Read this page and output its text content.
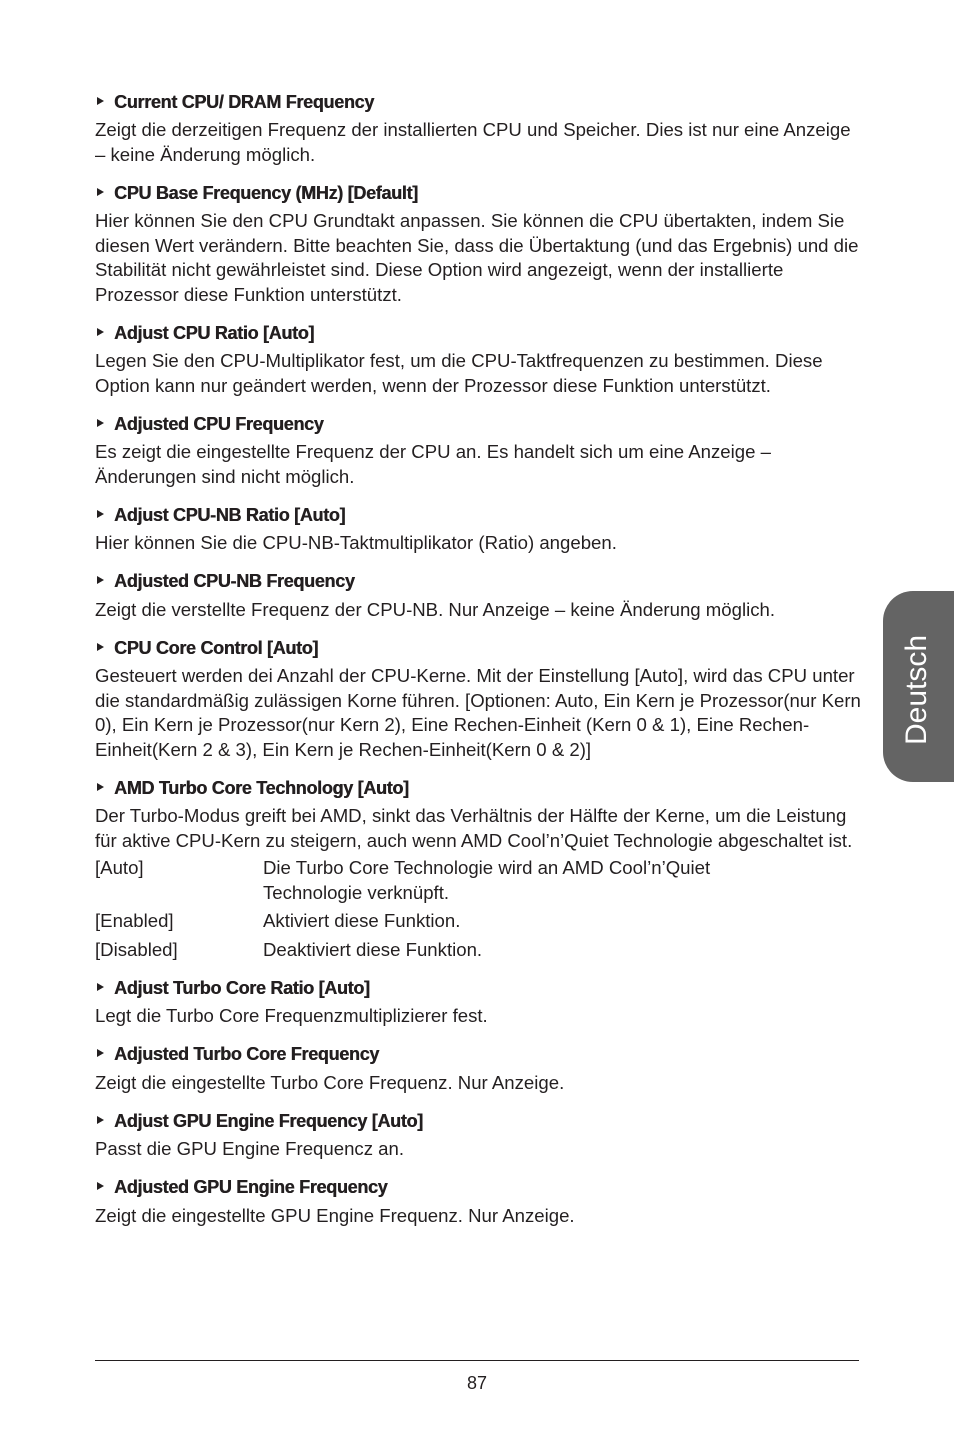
Current CPU/ DRAM Frequency

Zeigt die derzeitigen Frequenz der installierten CPU und Speicher. Dies ist nur eine Anzeige – keine Änderung möglich.

CPU Base Frequency (MHz) [Default]

Hier können Sie den CPU Grundtakt anpassen. Sie können die CPU übertakten, indem Sie diesen Wert verändern. Bitte beachten Sie, dass die Übertaktung (und das Ergebnis) und die Stabilität nicht gewährleistet sind. Diese Option wird angezeigt, wenn der installierte Prozessor diese Funktion unterstützt.

Adjust CPU Ratio [Auto]

Legen Sie den CPU-Multiplikator fest, um die CPU-Taktfrequenzen zu bestimmen. Diese Option kann nur geändert werden, wenn der Prozessor diese Funktion unterstützt.

Adjusted CPU Frequency

Es zeigt die eingestellte Frequenz der CPU an. Es handelt sich um eine Anzeige – Änderungen sind nicht möglich.

Adjust CPU-NB Ratio [Auto]

Hier können Sie die CPU-NB-Taktmultiplikator (Ratio) angeben.

Adjusted CPU-NB Frequency

Zeigt die verstellte Frequenz der CPU-NB. Nur Anzeige – keine Änderung möglich.

CPU Core Control [Auto]

Gesteuert werden dei Anzahl der CPU-Kerne. Mit der Einstellung [Auto], wird das CPU unter die standardmäßig zulässigen Korne führen. [Optionen: Auto, Ein Kern je Prozessor(nur Kern 0), Ein Kern je Prozessor(nur Kern 2), Eine Rechen-Einheit (Kern 0 & 1), Eine Rechen-Einheit(Kern 2 & 3), Ein Kern je Rechen-Einheit(Kern 0 & 2)]

AMD Turbo Core Technology [Auto]

Der Turbo-Modus greift bei AMD, sinkt das Verhältnis der Hälfte der Kerne, um die Leistung für aktive CPU-Kern zu steigern, auch wenn AMD Cool’n’Quiet Technologie abgeschaltet ist.

[Auto]	Die Turbo Core Technologie wird an AMD Cool’n’Quiet Technologie verknüpft.
[Enabled]	Aktiviert diese Funktion.
[Disabled]	Deaktiviert diese Funktion.
Adjust Turbo Core Ratio [Auto]

Legt die Turbo Core Frequenzmultiplizierer fest.

Adjusted Turbo Core Frequency

Zeigt die eingestellte Turbo Core Frequenz. Nur Anzeige.

Adjust GPU Engine Frequency [Auto]

Passt die GPU Engine Frequencz an.

Adjusted GPU Engine Frequency

Zeigt die eingestellte GPU Engine Frequenz. Nur Anzeige.

Deutsch
87
